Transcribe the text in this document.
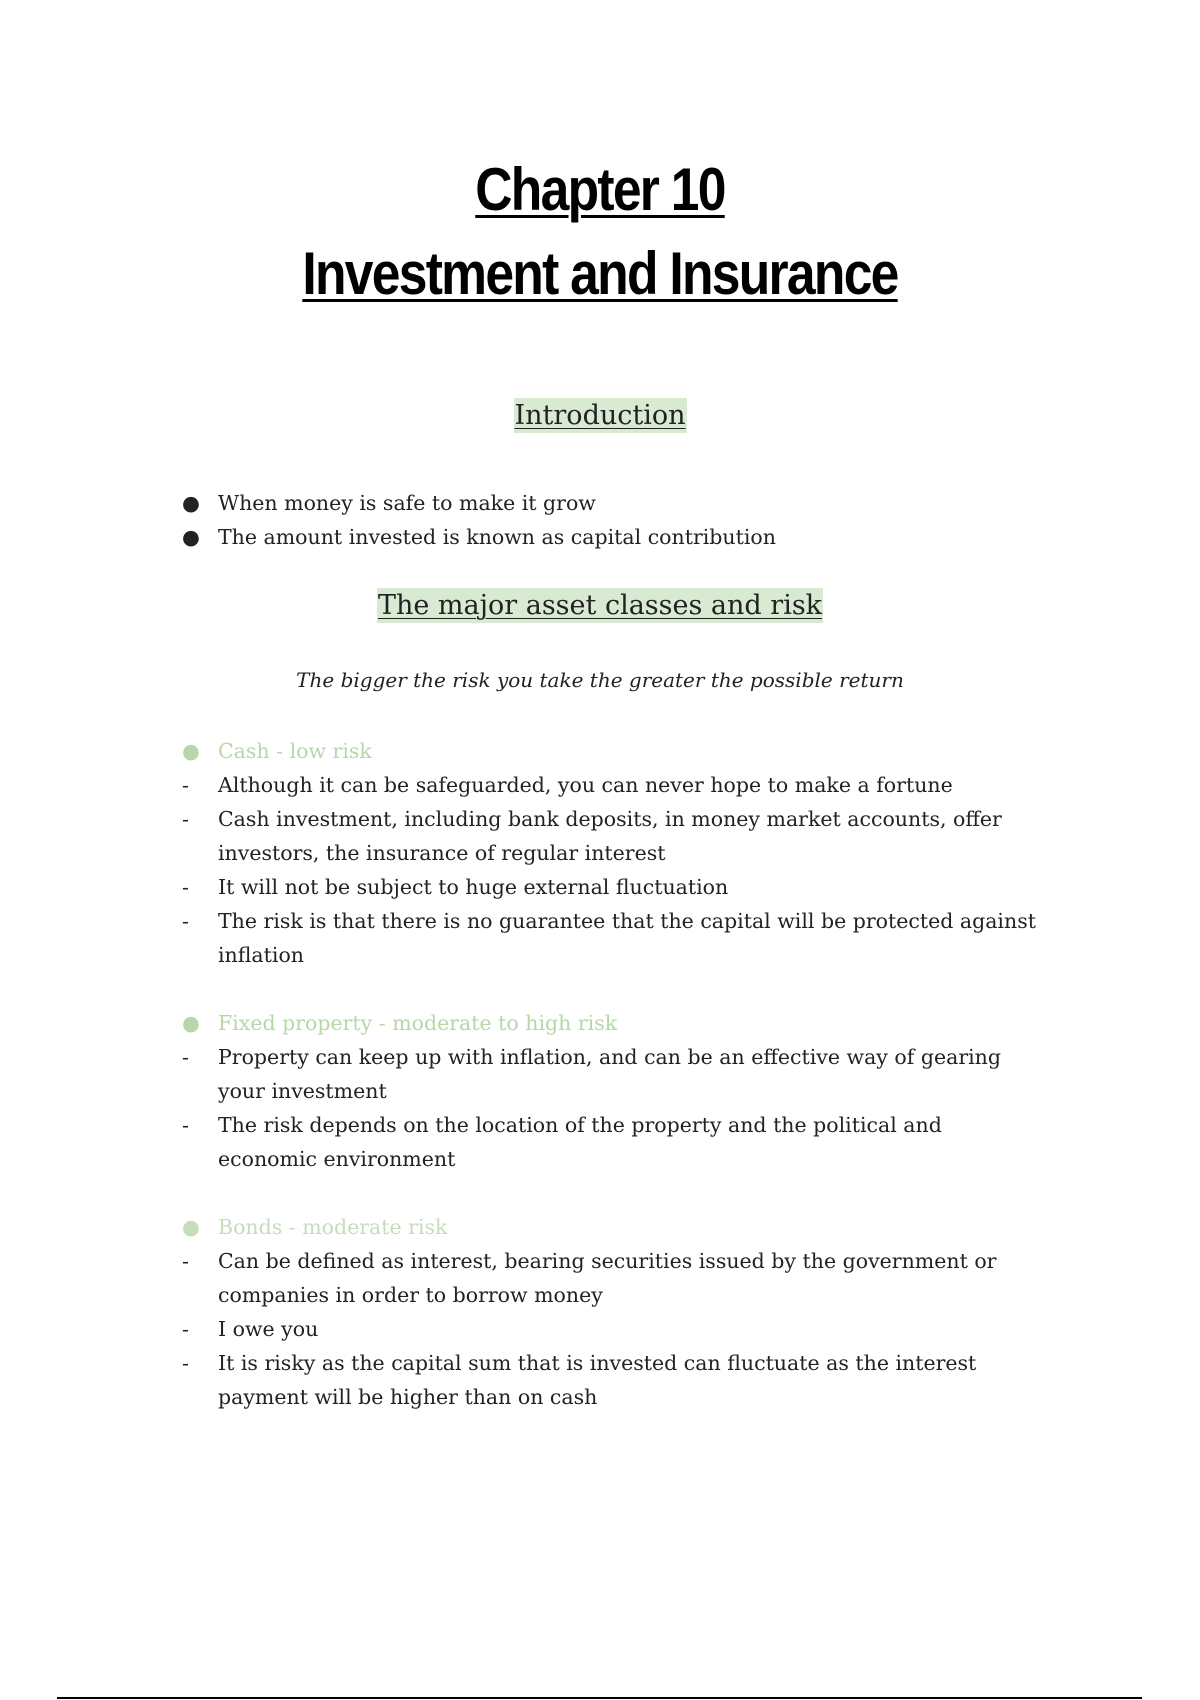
Chapter 10
Investment and Insurance
Introduction
● When money is safe to make it grow
● The amount invested is known as capital contribution
The major asset classes and risk
The bigger the risk you take the greater the possible return
● Cash - low risk
-	Although it can be safeguarded, you can never hope to make a fortune
-	Cash investment, including bank deposits, in money market accounts, offer investors, the insurance of regular interest
-	It will not be subject to huge external fluctuation
-	The risk is that there is no guarantee that the capital will be protected against inflation
● Fixed property - moderate to high risk
-	Property can keep up with inflation, and can be an effective way of gearing your investment
-	The risk depends on the location of the property and the political and economic environment
● Bonds - moderate risk
-	Can be defined as interest, bearing securities issued by the government or companies in order to borrow money
-	I owe you
-	It is risky as the capital sum that is invested can fluctuate as the interest payment will be higher than on cash
